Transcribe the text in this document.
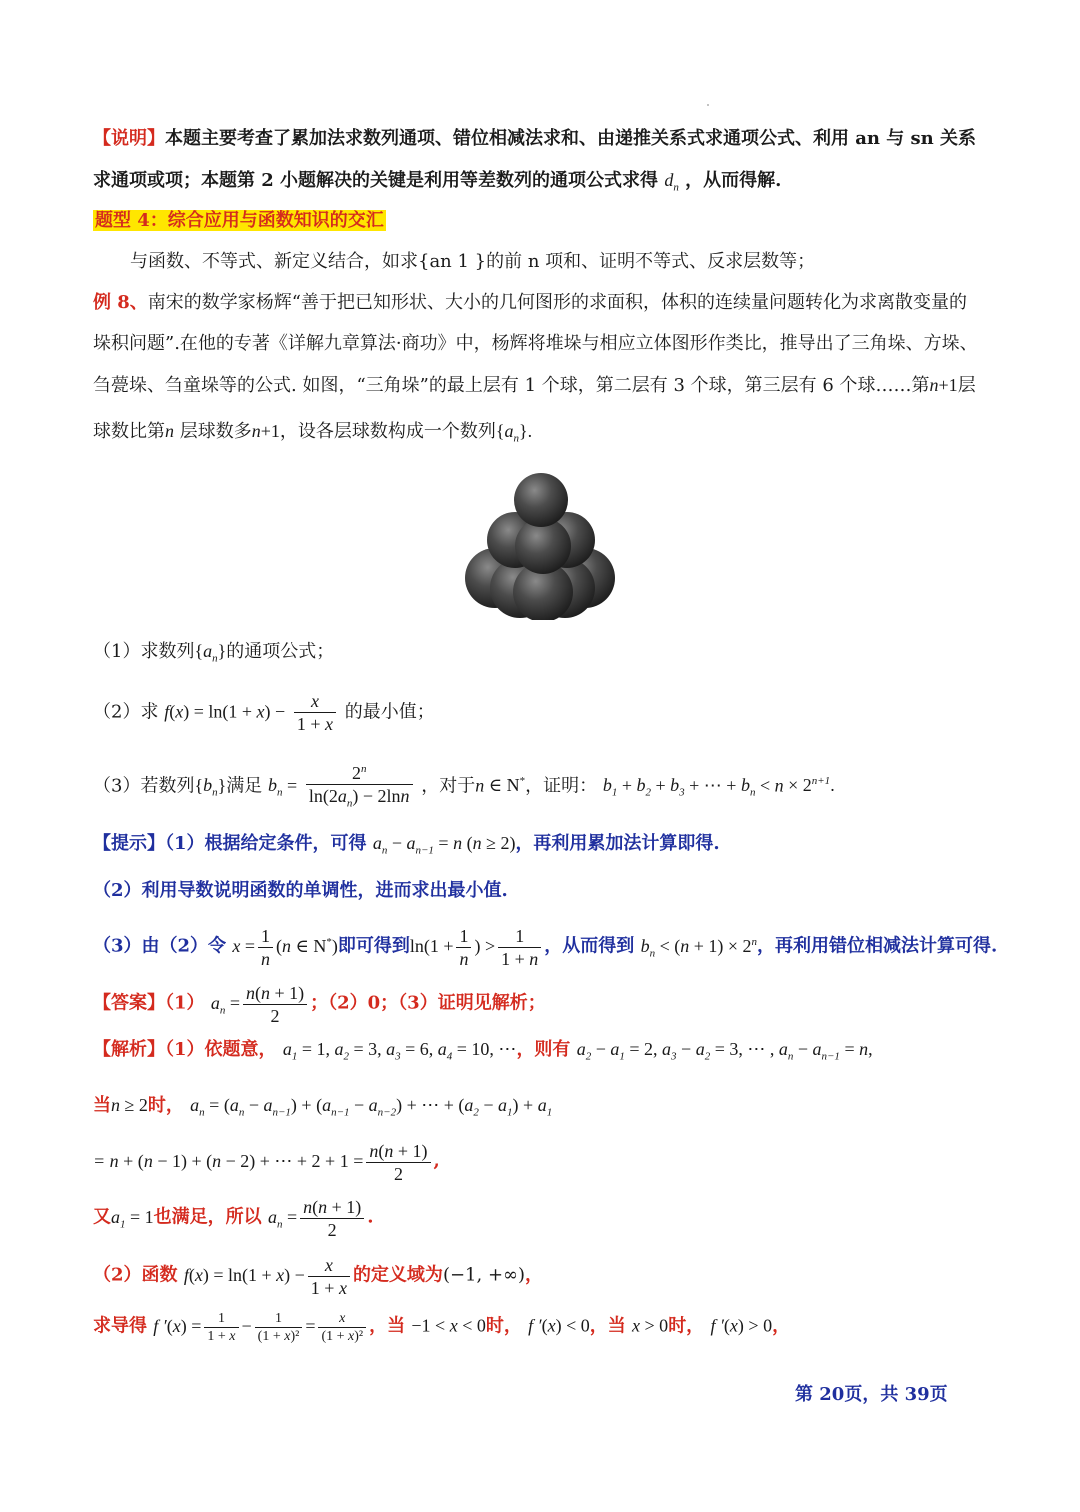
【说明】本题主要考查了累加法求数列通项、错位相减法求和、由递推关系式求通项公式、利用 an 与 sn 关系
求通项或项；本题第 2 小题解决的关键是利用等差数列的通项公式求得 $d_n$ ，从而得解.
题型 4：综合应用与函数知识的交汇
与函数、不等式、新定义结合，如求{an 1 }的前 n 项和、证明不等式、反求层数等；
例 8、南宋的数学家杨辉“善于把已知形状、大小的几何图形的求面积，体积的连续量问题转化为求离散变量的
垛积问题”.在他的专著《详解九章算法·商功》中，杨辉将堆垛与相应立体图形作类比，推导出了三角垛、方垛、
刍甍垛、刍童垛等的公式. 如图，“三角垛”的最上层有 1 个球，第二层有 3 个球，第三层有 6 个球……第n+1层
球数比第n 层球数多n+1，设各层球数构成一个数列$\{a_n\}$.
（1）求数列$\{a_n\}$的通项公式；
（2）求 $f(x) = \ln(1 + x) - \frac{x}{1 + x}$ 的最小值；
（3）若数列$\{b_n\}$满足 $b_n = \frac{2^n}{\ln(2a_n) - 2\ln n}$ ，对于n ∈ N*，证明： $b_1 + b_2 + b_3$ + ⋯ + $b_n < n \times 2^{n+1}$.
【提示】（1）根据给定条件，可得 $a_n - a_{n-1} = n$ (n ≥ 2)，再利用累加法计算即得.
（2）利用导数说明函数的单调性，进而求出最小值.
（3）由（2）令 $x = \frac{1}{n} (n$ ∈ N*)即可得到$\ln(1 + \frac{1}{n}$ ) > $\frac{1}{1 + n}$ ，从而得到 $b_n < (n + 1) \times 2^n$，再利用错位相减法计算可得.
【答案】（1） $a_n = \frac{n(n + 1)}{2}$ ；（2）0；（3）证明见解析；
【解析】（1）依题意， $a_1 = 1$, $a_2 = 3$, $a_3 = 6$, $a_4 = 10$, ⋯，则有 $a_2 - a_1 = 2$, $a_3 - a_2 = 3$, ⋯ , $a_n - a_{n-1} = n$,
当n ≥ 2时， $a_n = (a_n - a_{n-1}) + (a_{n-1} - a_{n-2})$ + ⋯ + $(a_2 - a_1) + a_1$
= n + (n − 1) + (n − 2) + ⋯ + $2 + 1 = \frac{n(n + 1)}{2}$ ,
又$a_1 = 1$也满足，所以 $a_n = \frac{n(n + 1)}{2}$ .
（2）函数 $f(x) = \ln(1 + x) - \frac{x}{1 + x}$ 的定义域为(−1, +∞)，
求导得 f $'(x) = \frac{1}{1 + x} - \frac{1}{\text{(1 + x)²}} = \frac{x}{\text{(1 + x)²}}$ ，当 −1 < x < 0时， f ′(x) < 0，当 x > 0时， f ′(x) > 0，
第 20页，共 39页
